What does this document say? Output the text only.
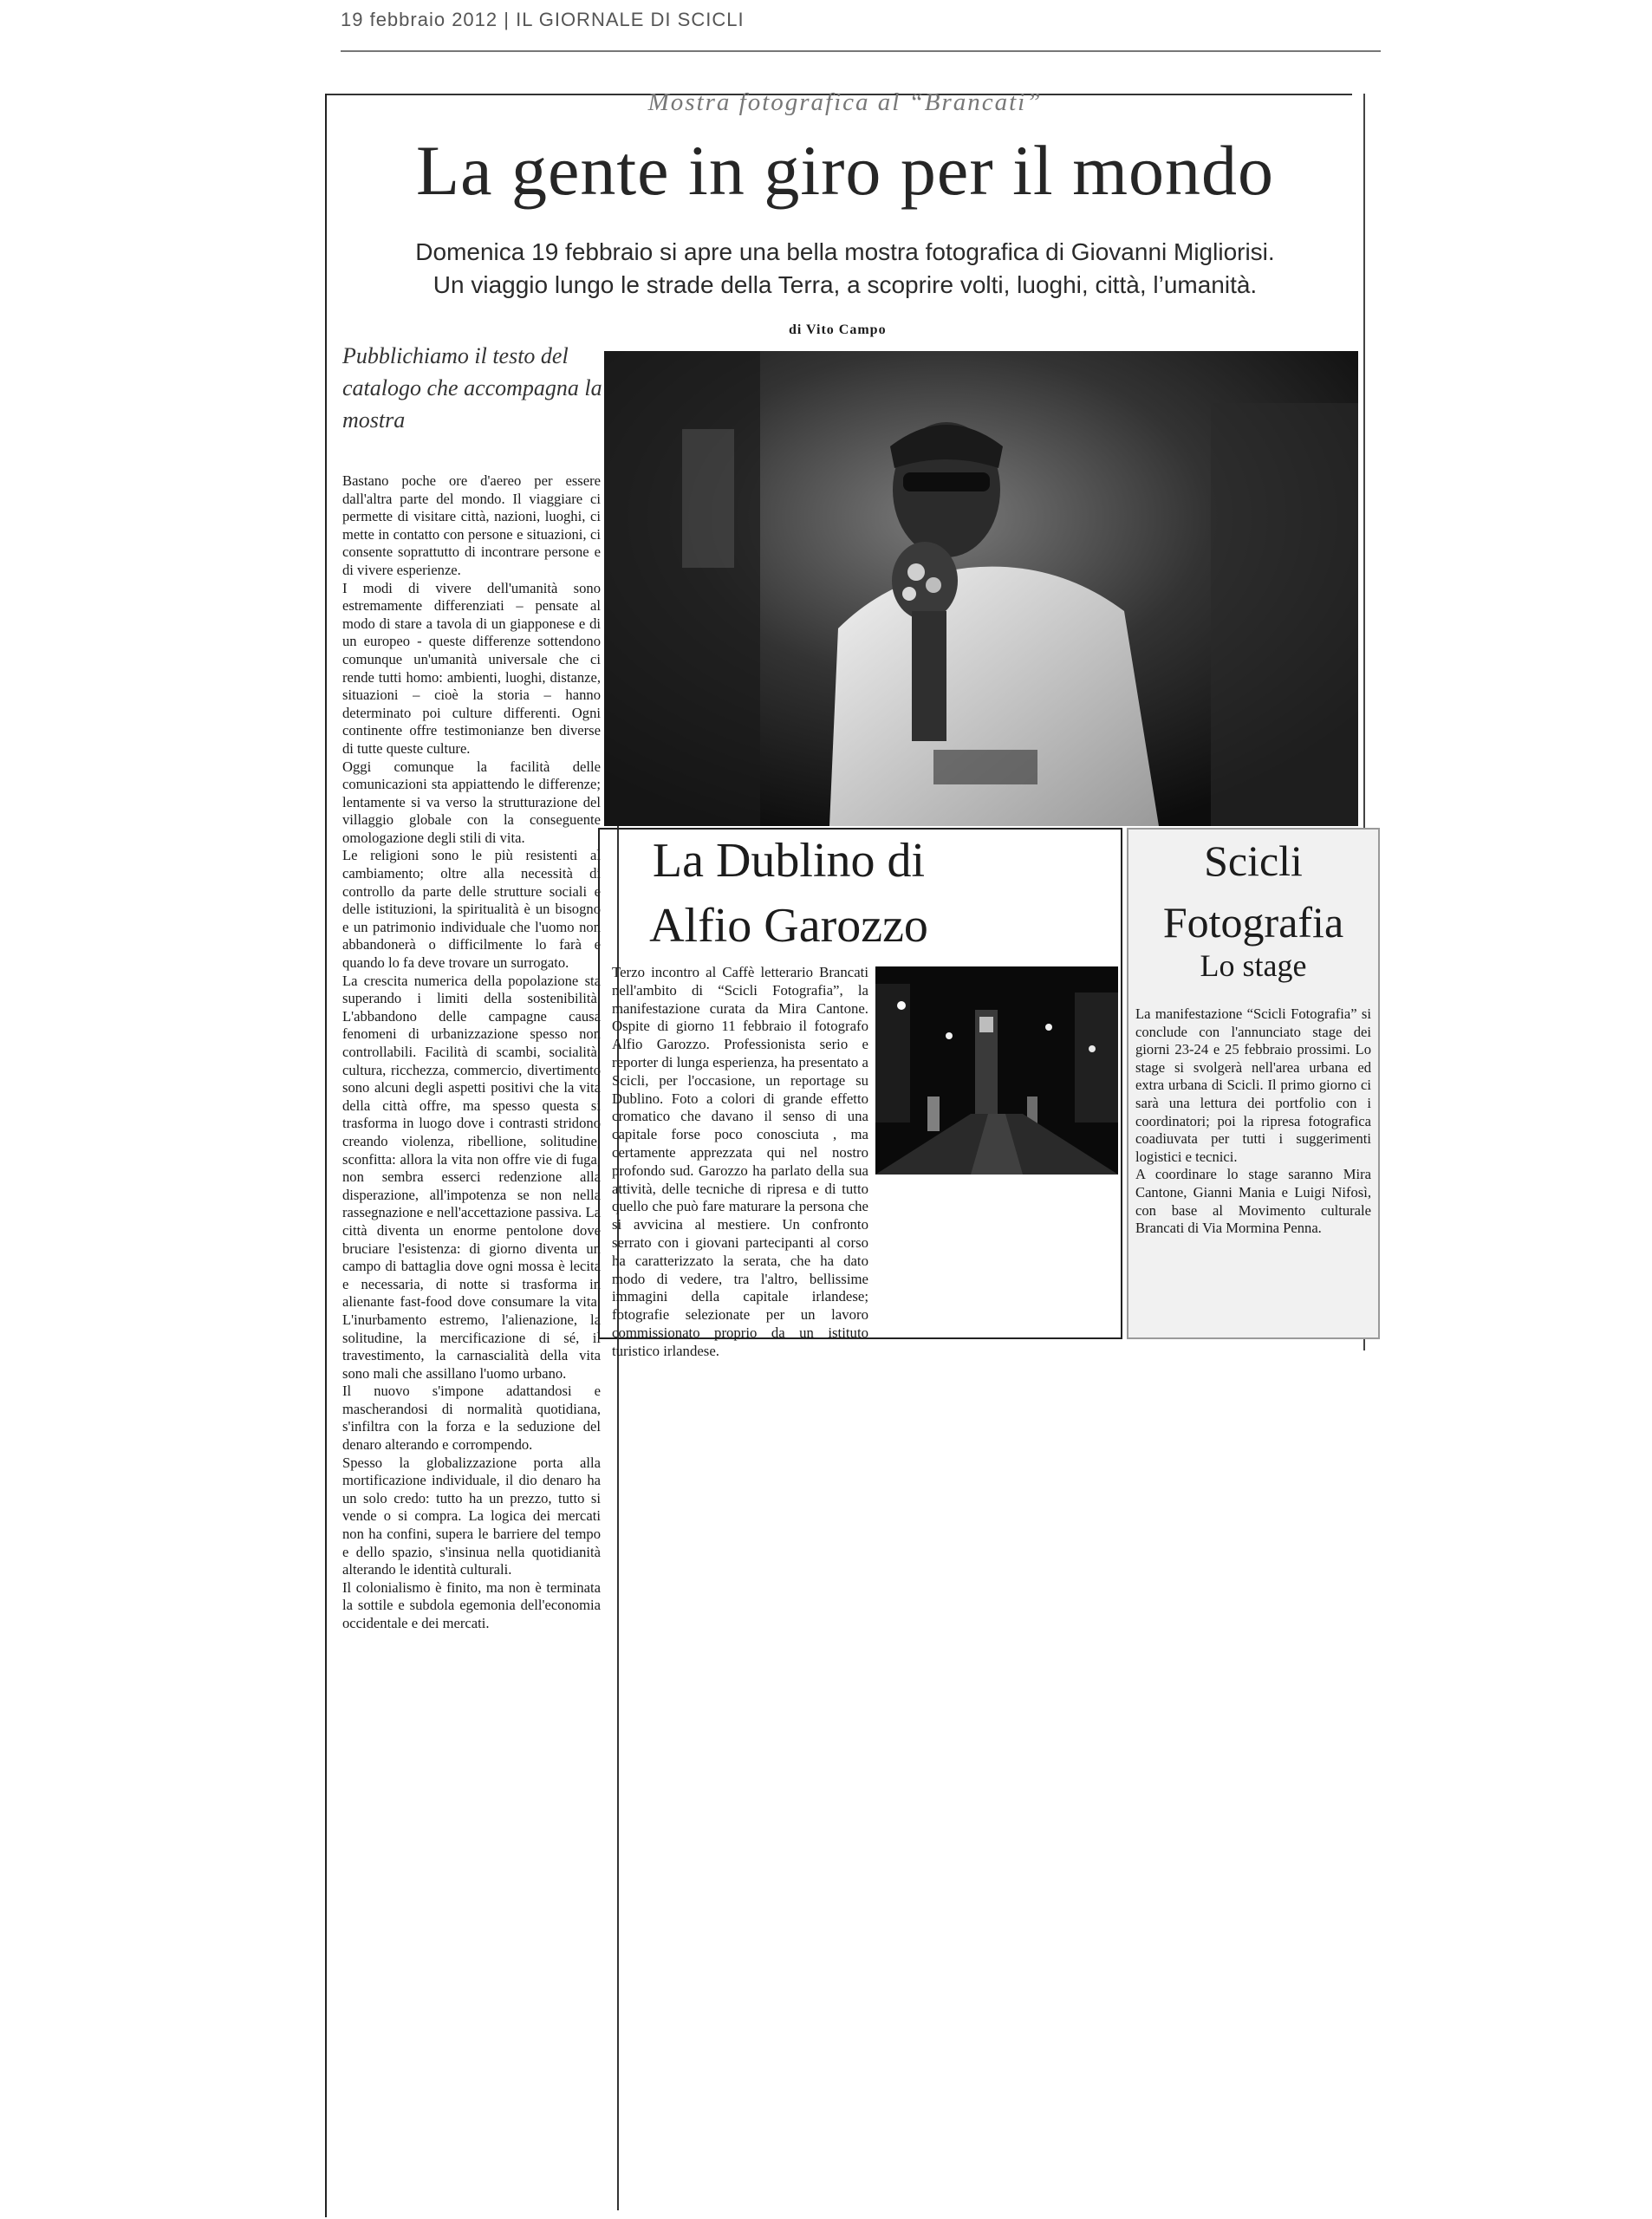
19 febbraio 2012 | IL GIORNALE DI SCICLI
Mostra fotografica al “Brancati”
La gente in giro per il mondo
Domenica 19 febbraio si apre una bella mostra fotografica di Giovanni Migliorisi.
Un viaggio lungo le strade della Terra, a scoprire volti, luoghi, città, l’umanità.
di Vito Campo
Pubblichiamo il testo del catalogo che accompagna la mostra

Bastano poche ore d'aereo per essere dall'altra parte del mondo. Il viaggiare ci permette di visitare città, nazioni, luoghi, ci mette in contatto con persone e situazioni, ci consente soprattutto di incontrare persone e di vivere esperienze.

I modi di vivere dell'umanità sono estremamente differenziati – pensate al modo di stare a tavola di un giapponese e di un europeo - queste differenze sottendono comunque un'umanità universale che ci rende tutti homo: ambienti, luoghi, distanze, situazioni – cioè la storia – hanno determinato poi culture differenti. Ogni continente offre testimonianze ben diverse di tutte queste culture.

Oggi comunque la facilità delle comunicazioni sta appiattendo le differenze; lentamente si va verso la strutturazione del villaggio globale con la conseguente omologazione degli stili di vita.

Le religioni sono le più resistenti al cambiamento; oltre alla necessità di controllo da parte delle strutture sociali e delle istituzioni, la spiritualità è un bisogno e un patrimonio individuale che l'uomo non abbandonerà o difficilmente lo farà e quando lo fa deve trovare un surrogato.

La crescita numerica della popolazione sta superando i limiti della sostenibilità. L'abbandono delle campagne causa fenomeni di urbanizzazione spesso non controllabili. Facilità di scambi, socialità, cultura, ricchezza, commercio, divertimento sono alcuni degli aspetti positivi che la vita della città offre, ma spesso questa si trasforma in luogo dove i contrasti stridono creando violenza, ribellione, solitudine, sconfitta: allora la vita non offre vie di fuga, non sembra esserci redenzione alla disperazione, all'impotenza se non nella rassegnazione e nell'accettazione passiva. La città diventa un enorme pentolone dove bruciare l'esistenza: di giorno diventa un campo di battaglia dove ogni mossa è lecita e necessaria, di notte si trasforma in alienante fast-food dove consumare la vita. L'inurbamento estremo, l'alienazione, la solitudine, la mercificazione di sé, il travestimento, la carnascialità della vita sono mali che assillano l'uomo urbano.

Il nuovo s'impone adattandosi e mascherandosi di normalità quotidiana, s'infiltra con la forza e la seduzione del denaro alterando e corrompendo.

Spesso la globalizzazione porta alla mortificazione individuale, il dio denaro ha un solo credo: tutto ha un prezzo, tutto si vende o si compra. La logica dei mercati non ha confini, supera le barriere del tempo e dello spazio, s'insinua nella quotidianità alterando le identità culturali.

Il colonialismo è finito, ma non è terminata la sottile e subdola egemonia dell'economia occidentale e dei mercati.

La Dublino di
Alfio Garozzo

Terzo incontro al Caffè letterario Brancati nell'ambito di “Scicli Fotografia”, la manifestazione curata da Mira Cantone. Ospite di giorno 11 febbraio il fotografo Alfio Garozzo. Professionista serio e reporter di lunga esperienza, ha presentato a Scicli, per l'occasione, un reportage su Dublino. Foto a colori di grande effetto cromatico che davano il senso di una capitale forse poco conosciuta , ma certamente apprezzata qui nel nostro profondo sud. Garozzo ha parlato della sua attività, delle tecniche di ripresa e di tutto quello che può fare maturare la persona che si avvicina al mestiere. Un confronto serrato con i giovani partecipanti al corso ha caratterizzato la serata, che ha dato modo di vedere, tra l'altro, bellissime immagini della capitale irlandese; fotografie selezionate per un lavoro commissionato proprio da un istituto turistico irlandese.

Scicli
Fotografia
Lo stage

La manifestazione “Scicli Fotografia” si conclude con l'annunciato stage dei giorni 23-24 e 25 febbraio prossimi. Lo stage si svolgerà nell'area urbana ed extra urbana di Scicli. Il primo giorno ci sarà una lettura dei portfolio con i coordinatori; poi la ripresa fotografica coadiuvata per tutti i suggerimenti logistici e tecnici.

A coordinare lo stage saranno Mira Cantone, Gianni Mania e Luigi Nifosì, con base al Movimento culturale Brancati di Via Mormina Penna.
